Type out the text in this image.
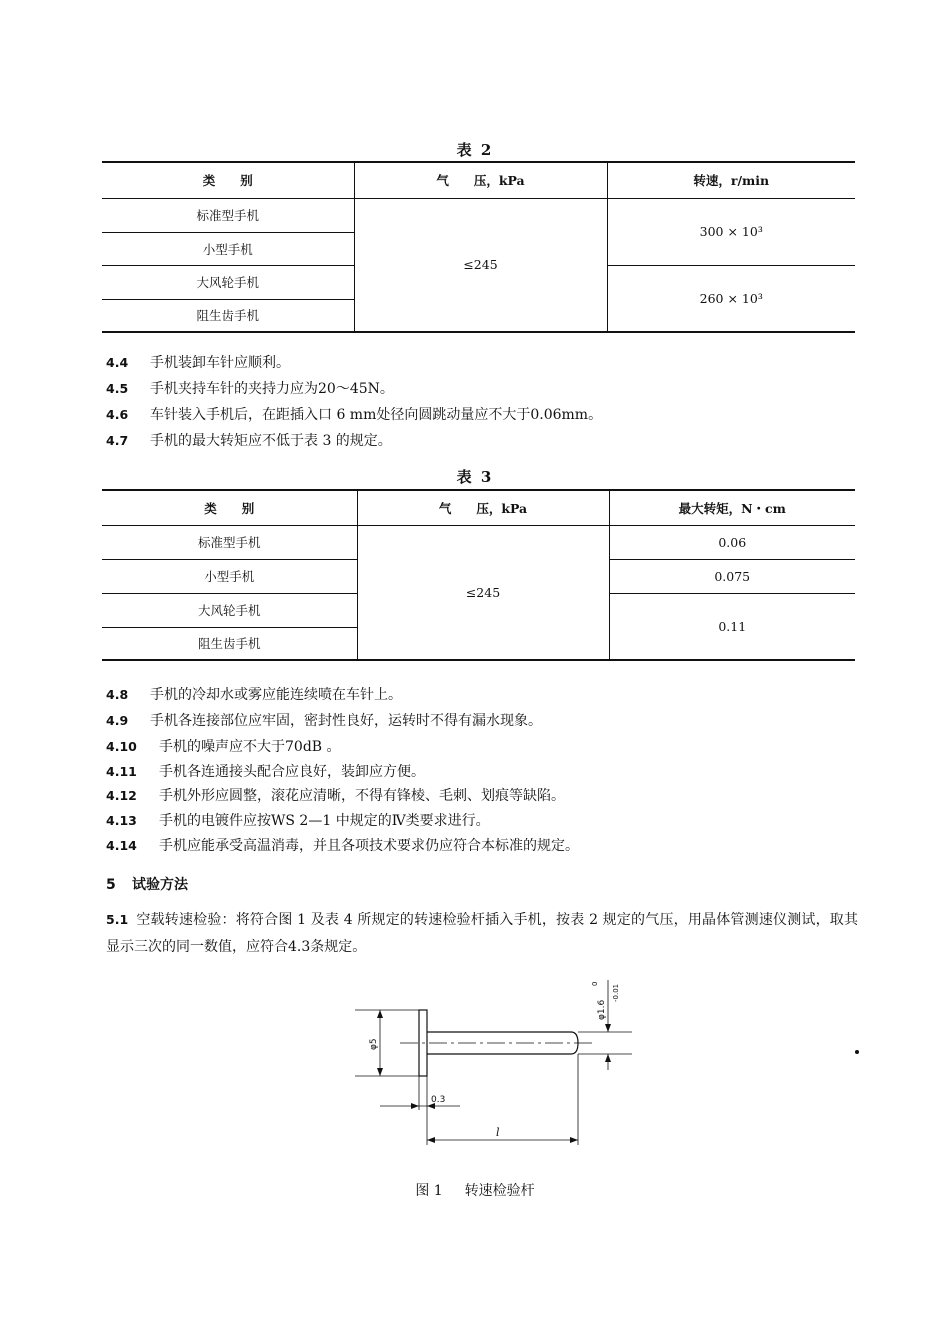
表 2
类　　别	气　　压，kPa	转速，r/min
标准型手机	≤245	300 × 10³
小型手机		
大风轮手机		260 × 10³
阻生齿手机		
4.4 手机装卸车针应顺利。
4.5 手机夹持车针的夹持力应为20～45N。
4.6 车针装入手机后，在距插入口 6 mm处径向圆跳动量应不大于0.06mm。
4.7 手机的最大转矩应不低于表 3 的规定。
表 3
类　　别	气　　压，kPa	最大转矩，N・cm
标准型手机	≤245	0.06
小型手机		0.075
大风轮手机		0.11
阻生齿手机		
4.8 手机的冷却水或雾应能连续喷在车针上。
4.9 手机各连接部位应牢固，密封性良好，运转时不得有漏水现象。
4.10 手机的噪声应不大于70dB 。
4.11 手机各连通接头配合应良好，装卸应方便。
4.12 手机外形应圆整，滚花应清晰，不得有锋棱、毛刺、划痕等缺陷。
4.13 手机的电镀件应按WS 2—1 中规定的Ⅳ类要求进行。
4.14 手机应能承受高温消毒，并且各项技术要求仍应符合本标准的规定。
5 试验方法
5.1 空载转速检验：将符合图 1 及表 4 所规定的转速检验杆插入手机，按表 2 规定的气压，用晶体管测速仪测试，取其显示三次的同一数值，应符合4.3条规定。
φ5
φ1.6
0
-0.01
0.3
l
图 1 转速检验杆
